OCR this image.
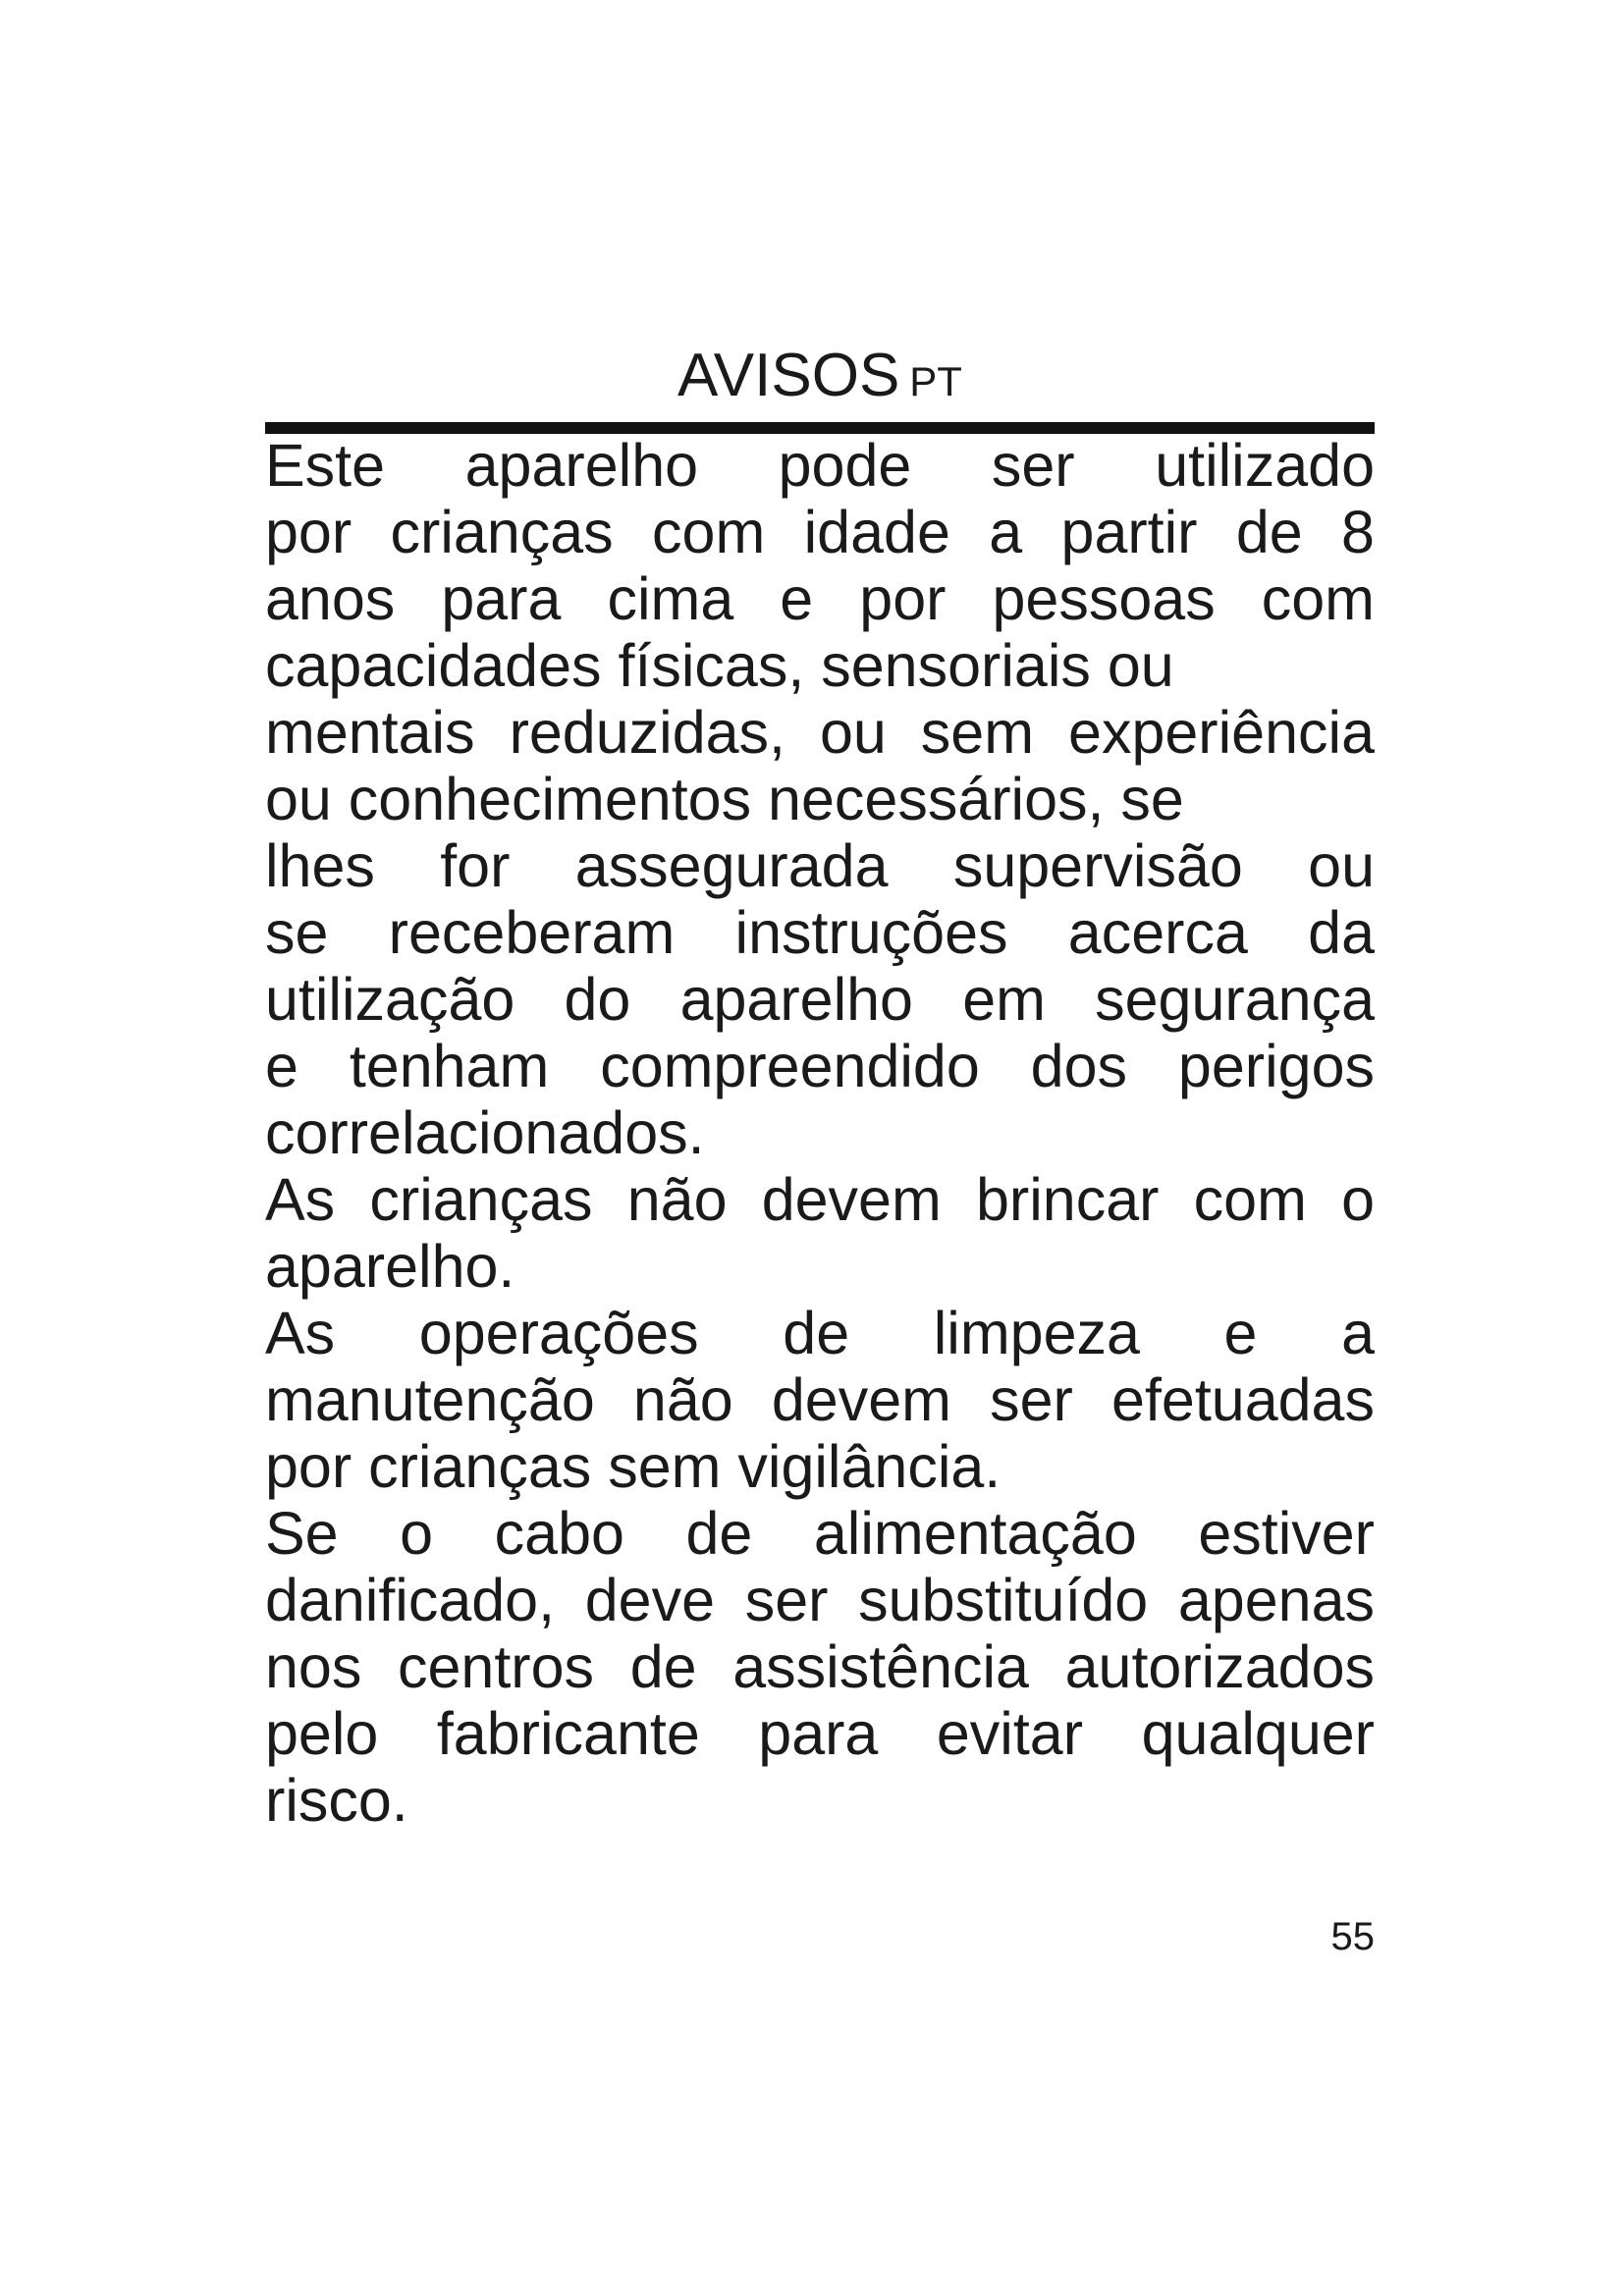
AVISOS PT
Este aparelho pode ser utilizado
por crianças com idade a partir de 8
anos para cima e por pessoas com
capacidades físicas, sensoriais ou
mentais reduzidas, ou sem experiência
ou conhecimentos necessários, se
lhes for assegurada supervisão ou
se receberam instruções acerca da
utilização do aparelho em segurança
e tenham compreendido dos perigos
correlacionados.
As crianças não devem brincar com o
aparelho.
As operações de limpeza e a
manutenção não devem ser efetuadas
por crianças sem vigilância.
Se o cabo de alimentação estiver
danificado, deve ser substituído apenas
nos centros de assistência autorizados
pelo fabricante para evitar qualquer
risco.
55
